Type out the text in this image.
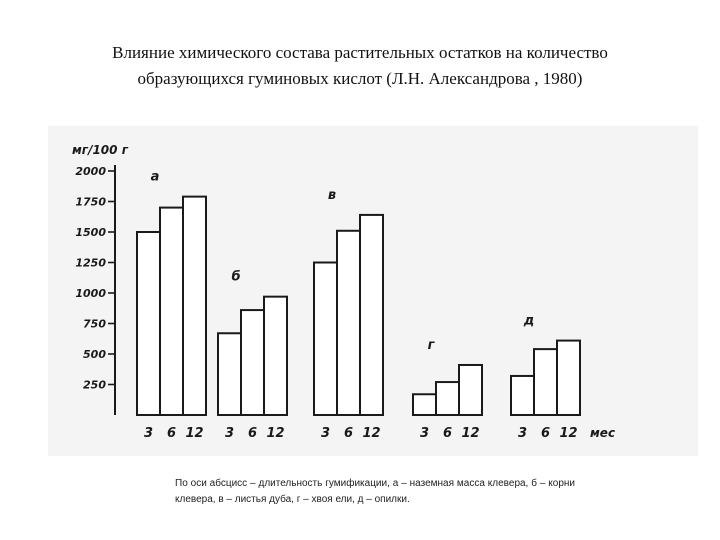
Влияние химического состава растительных остатков на количество
образующихся гуминовых кислот (Л.Н. Александрова , 1980)
мг/100 г
250
500
750
1000
1250
1500
1750
2000
3 6 12
а
3 6 12
б
3 6 12
в
3 6 12
г
3 6 12
д
мес
По оси абсцисс – длительность гумификации, а – наземная масса клевера, б – корни клевера, в – листья дуба, г – хвоя ели, д – опилки.
